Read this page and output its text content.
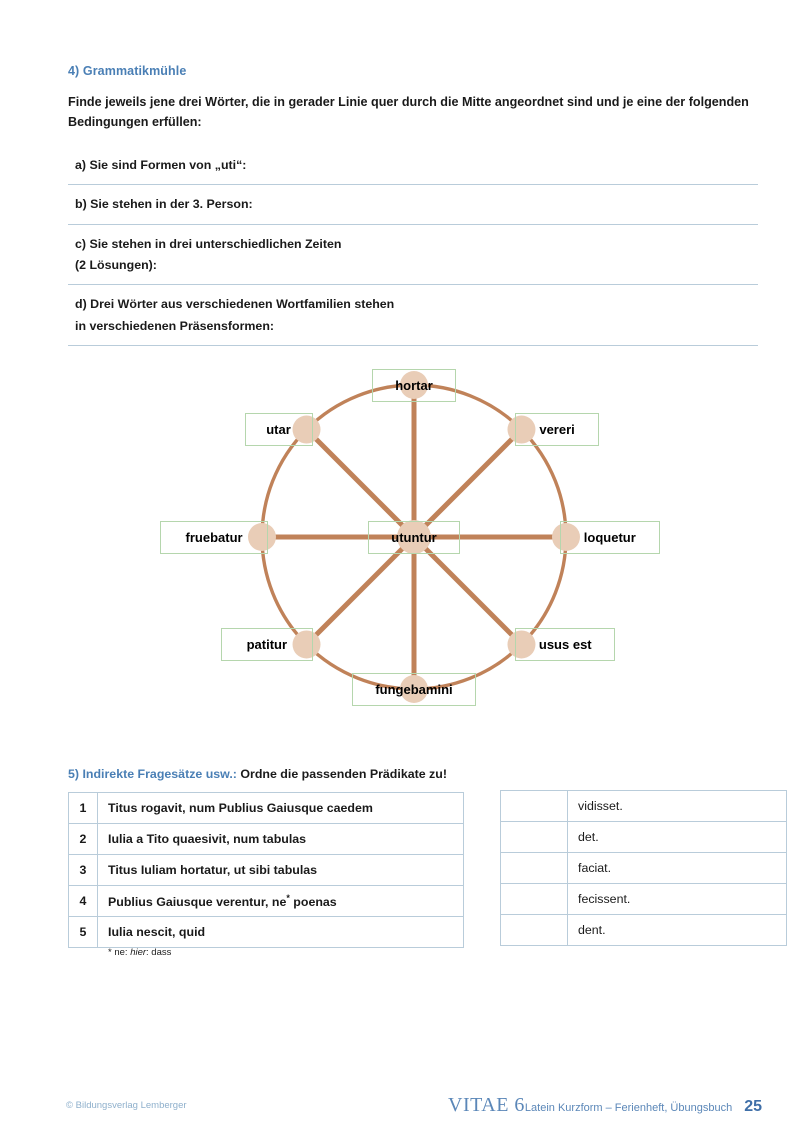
4) Grammatikmühle
Finde jeweils jene drei Wörter, die in gerader Linie quer durch die Mitte angeordnet sind und je eine der folgenden Bedingungen erfüllen:
a) Sie sind Formen von „uti“:
b) Sie stehen in der 3. Person:
c) Sie stehen in drei unterschiedlichen Zeiten
(2 Lösungen):
d) Drei Wörter aus verschiedenen Wortfamilien stehen
in verschiedenen Präsensformen:
hortar
vereri
loquetur
usus est
fungebamini
patitur
fruebatur
utar
utuntur
5) Indirekte Fragesätze usw.: Ordne die passenden Prädikate zu!
1	Titus rogavit, num Publius Gaiusque caedem
2	Iulia a Tito quaesivit, num tabulas
3	Titus Iuliam hortatur, ut sibi tabulas
4	Publius Gaiusque verentur, ne* poenas
5	Iulia nescit, quid
	vidisset.
	det.
	faciat.
	fecissent.
	dent.
* ne: hier: dass
© Bildungsverlag Lemberger	VITAE 6Latein Kurzform – Ferienheft, Übungsbuch 25
